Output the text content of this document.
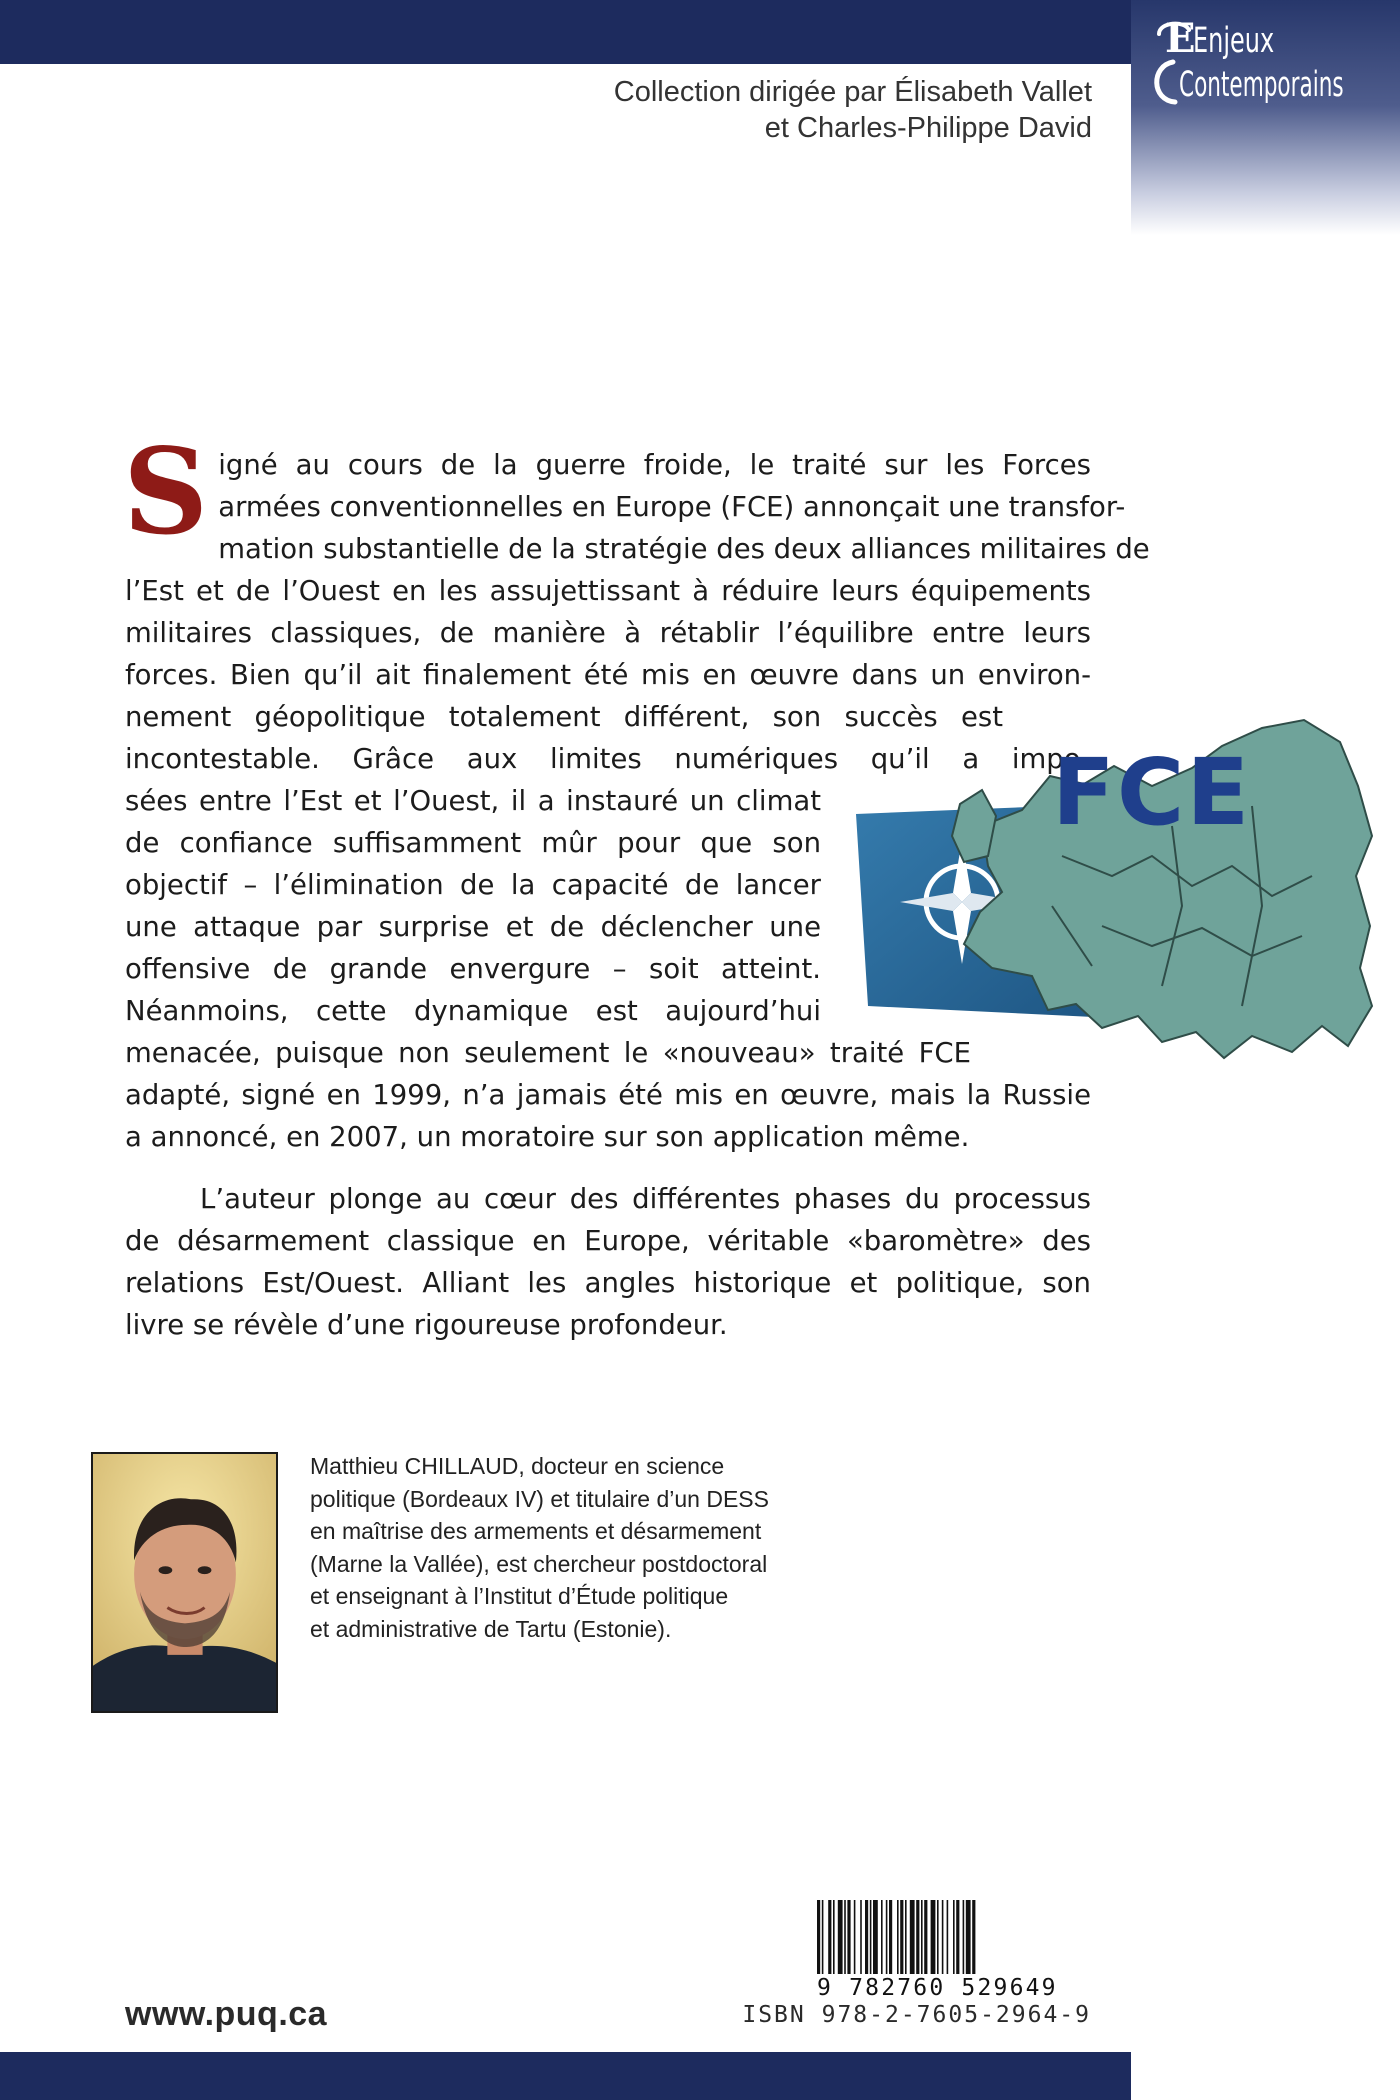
E
Enjeux
Contemporains
Collection dirigée par Élisabeth Vallet
et Charles-Philippe David
S igné au cours de la guerre froide, le traité sur les Forces
armées conventionnelles en Europe (FCE) annonçait une transfor-
mation substantielle de la stratégie des deux alliances militaires de
l’Est et de l’Ouest en les assujettissant à réduire leurs équipements
militaires classiques, de manière à rétablir l’équilibre entre leurs
forces. Bien qu’il ait finalement été mis en œuvre dans un environ-
nement géopolitique totalement différent, son succès est
incontestable. Grâce aux limites numériques qu’il a impo-
sées entre l’Est et l’Ouest, il a instauré un climat
de confiance suffisamment mûr pour que son
objectif – l’élimination de la capacité de lancer
une attaque par surprise et de déclencher une
offensive de grande envergure – soit atteint.
Néanmoins, cette dynamique est aujourd’hui
menacée, puisque non seulement le «nouveau» traité FCE
adapté, signé en 1999, n’a jamais été mis en œuvre, mais la Russie
a annoncé, en 2007, un moratoire sur son application même.
L’auteur plonge au cœur des différentes phases du processus
de désarmement classique en Europe, véritable «baromètre» des
relations Est/Ouest. Alliant les angles historique et politique, son
livre se révèle d’une rigoureuse profondeur.
FCE
Matthieu CHILLAUD, docteur en science
politique (Bordeaux IV) et titulaire d’un DESS
en maîtrise des armements et désarmement
(Marne la Vallée), est chercheur postdoctoral
et enseignant à l’Institut d’Étude politique
et administrative de Tartu (Estonie).
www.puq.ca
9 782760 529649
ISBN 978-2-7605-2964-9
